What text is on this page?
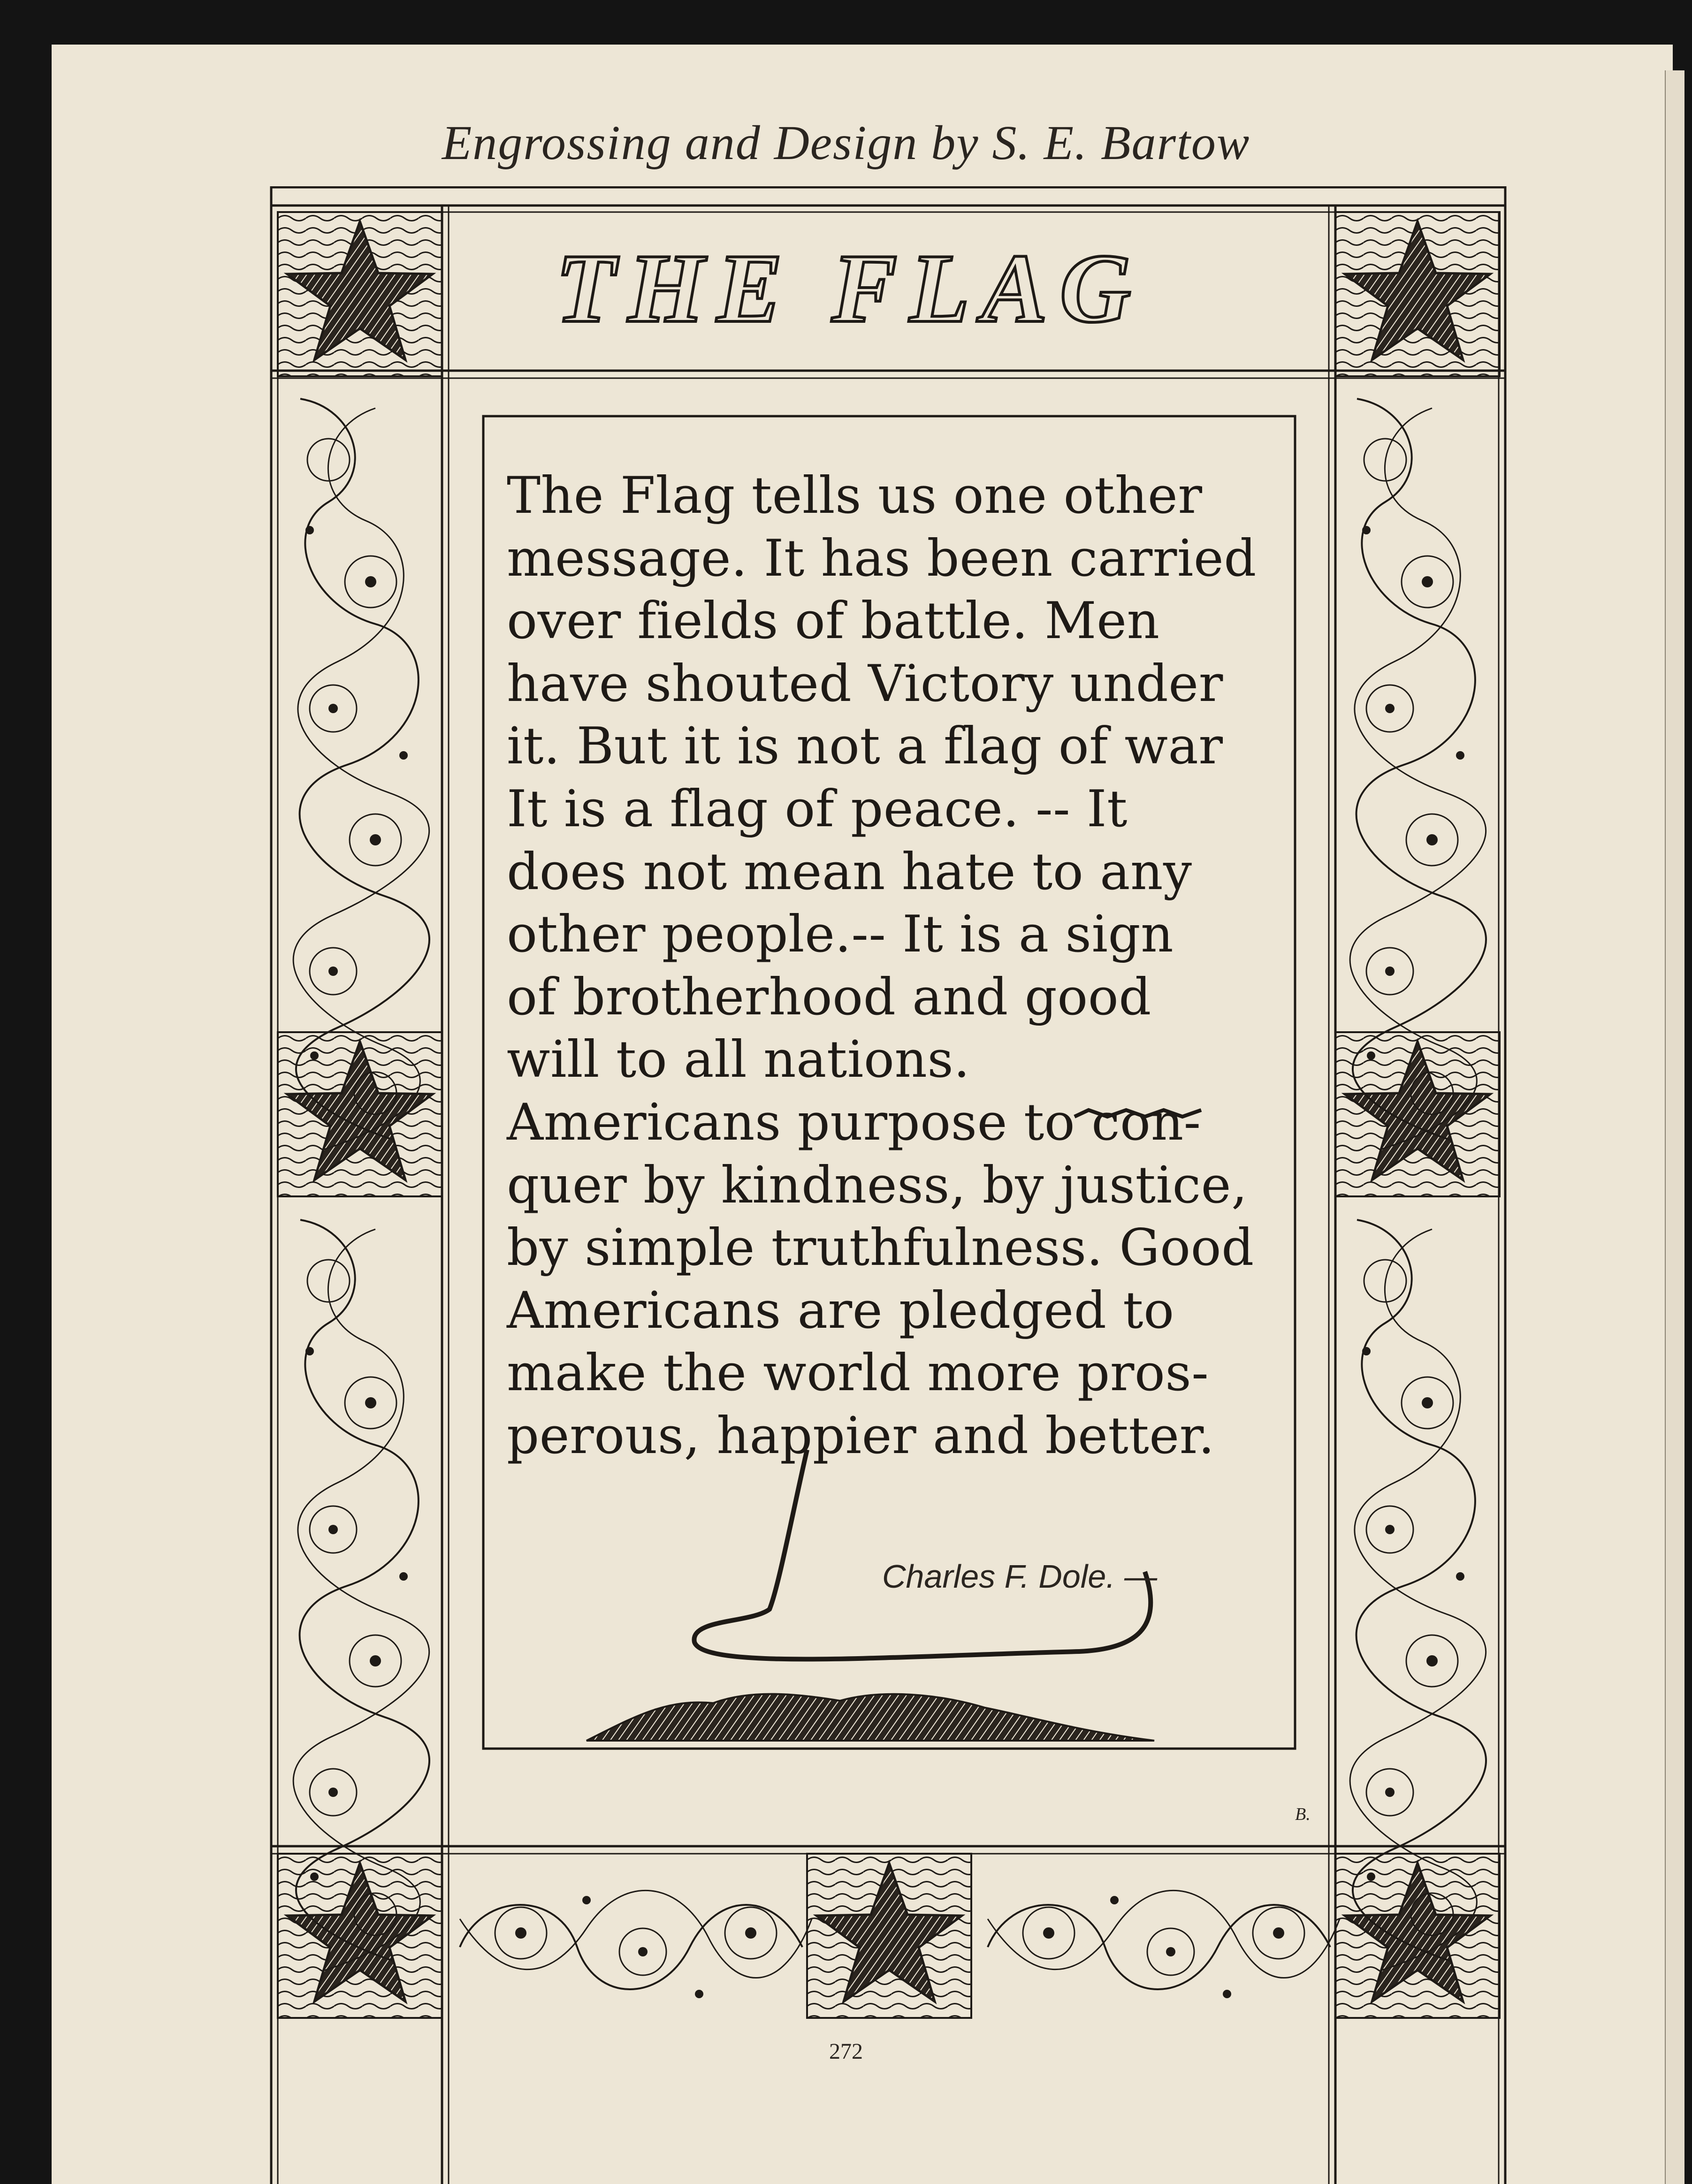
Engrossing and Design by S. E. Bartow
THE FLAG
The Flag tells us one other
message. It has been carried
over fields of battle. Men
have shouted Victory under
it. But it is not a flag of war
It is a flag of peace. -- It
does not mean hate to any
other people.-- It is a sign
of brotherhood and good
will to all nations.
Americans purpose to con-
quer by kindness, by justice,
by simple truthfulness. Good
Americans are pledged to
make the world more pros-
perous, happier and better.
Charles F. Dole. —
B.
272
